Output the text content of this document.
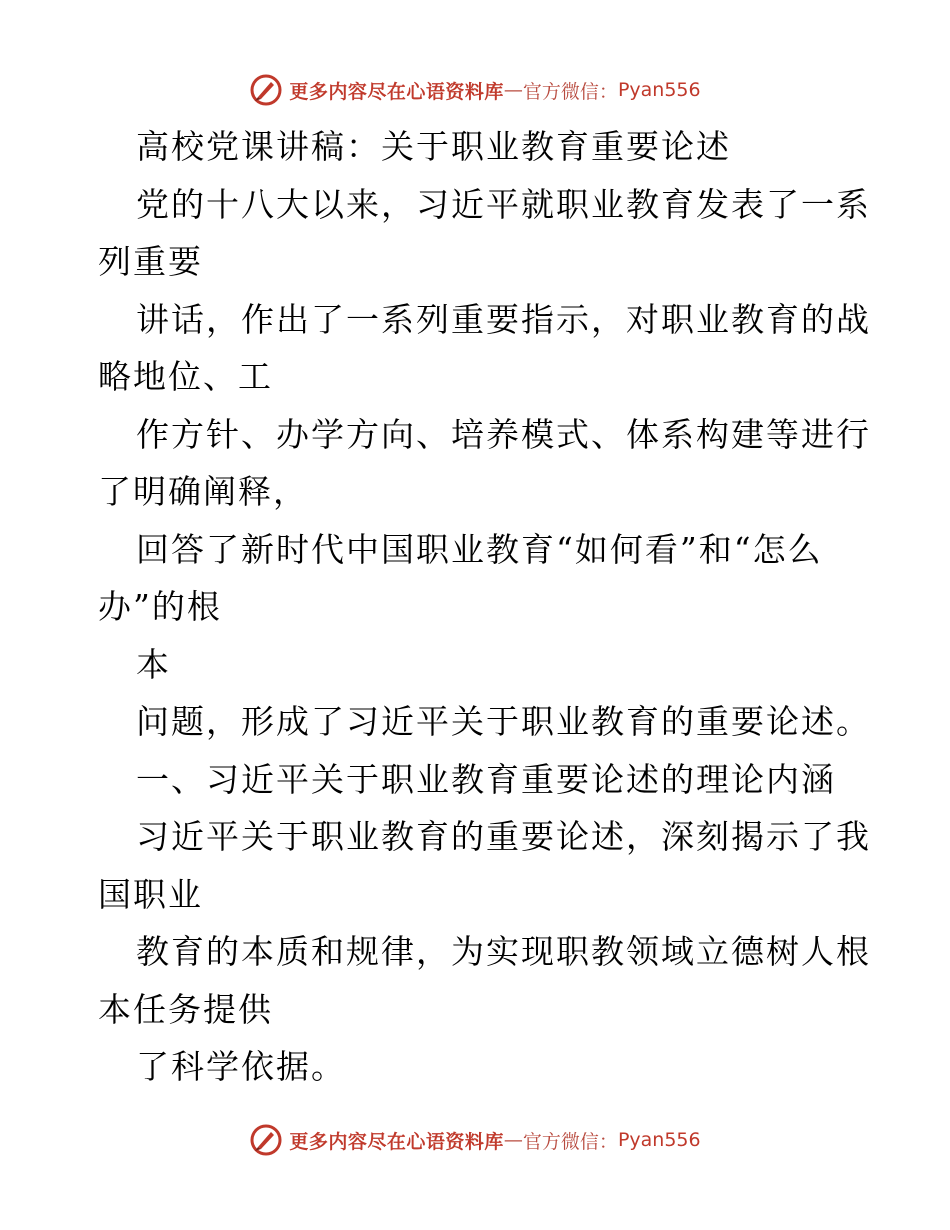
更多内容尽在心语资料库 — 官方微信： Pyan556
高校党课讲稿：关于职业教育重要论述
党的十八大以来，习近平就职业教育发表了一系
列重要
讲话，作出了一系列重要指示，对职业教育的战
略地位、工
作方针、办学方向、培养模式、体系构建等进行
了明确阐释，
回答了新时代中国职业教育“如何看”和“怎么
办”的根
本
问题，形成了习近平关于职业教育的重要论述。
一、习近平关于职业教育重要论述的理论内涵
习近平关于职业教育的重要论述，深刻揭示了我
国职业
教育的本质和规律，为实现职教领域立德树人根
本任务提供
了科学依据。
更多内容尽在心语资料库 — 官方微信： Pyan556
